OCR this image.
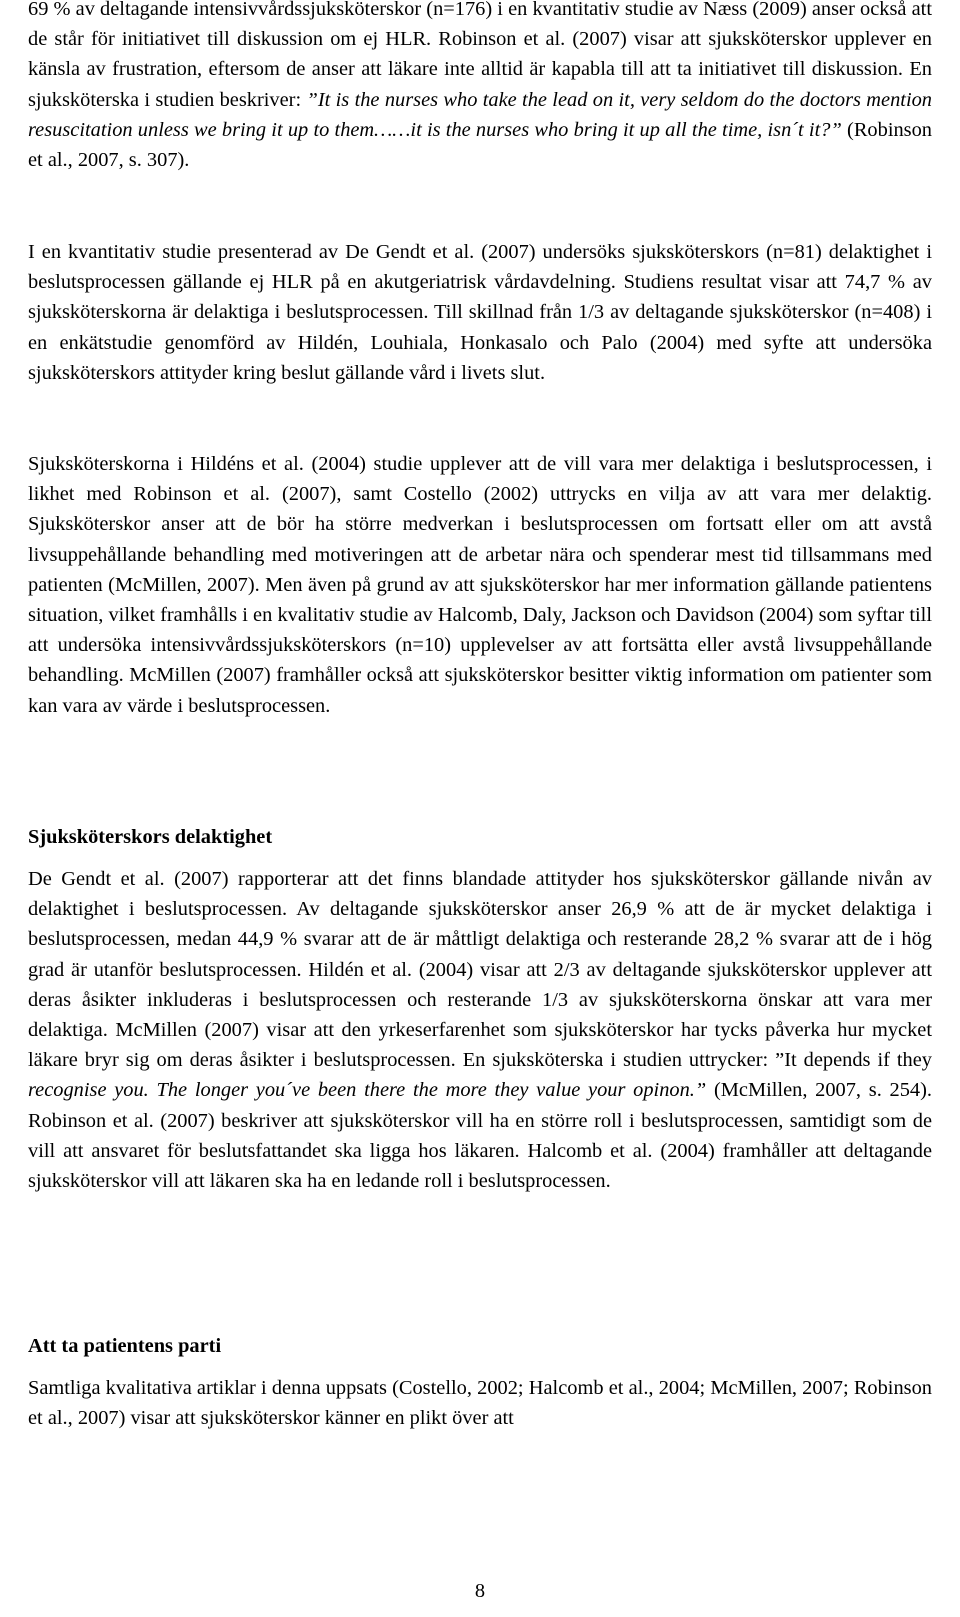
69 % av deltagande intensivvårdssjuksköterskor (n=176) i en kvantitativ studie av Næss (2009) anser också att de står för initiativet till diskussion om ej HLR. Robinson et al. (2007) visar att sjuksköterskor upplever en känsla av frustration, eftersom de anser att läkare inte alltid är kapabla till att ta initiativet till diskussion. En sjuksköterska i studien beskriver: ”It is the nurses who take the lead on it, very seldom do the doctors mention resuscitation unless we bring it up to them……it is the nurses who bring it up all the time, isn´t it?” (Robinson et al., 2007, s. 307).

I en kvantitativ studie presenterad av De Gendt et al. (2007) undersöks sjuksköterskors (n=81) delaktighet i beslutsprocessen gällande ej HLR på en akutgeriatrisk vårdavdelning. Studiens resultat visar att 74,7 % av sjuksköterskorna är delaktiga i beslutsprocessen. Till skillnad från 1/3 av deltagande sjuksköterskor (n=408) i en enkätstudie genomförd av Hildén, Louhiala, Honkasalo och Palo (2004) med syfte att undersöka sjuksköterskors attityder kring beslut gällande vård i livets slut.

Sjuksköterskorna i Hildéns et al. (2004) studie upplever att de vill vara mer delaktiga i beslutsprocessen, i likhet med Robinson et al. (2007), samt Costello (2002) uttrycks en vilja av att vara mer delaktig. Sjuksköterskor anser att de bör ha större medverkan i beslutsprocessen om fortsatt eller om att avstå livsuppehållande behandling med motiveringen att de arbetar nära och spenderar mest tid tillsammans med patienten (McMillen, 2007). Men även på grund av att sjuksköterskor har mer information gällande patientens situation, vilket framhålls i en kvalitativ studie av Halcomb, Daly, Jackson och Davidson (2004) som syftar till att undersöka intensivvårdssjuksköterskors (n=10) upplevelser av att fortsätta eller avstå livsuppehållande behandling. McMillen (2007) framhåller också att sjuksköterskor besitter viktig information om patienter som kan vara av värde i beslutsprocessen.

Sjuksköterskors delaktighet

De Gendt et al. (2007) rapporterar att det finns blandade attityder hos sjuksköterskor gällande nivån av delaktighet i beslutsprocessen. Av deltagande sjuksköterskor anser 26,9 % att de är mycket delaktiga i beslutsprocessen, medan 44,9 % svarar att de är måttligt delaktiga och resterande 28,2 % svarar att de i hög grad är utanför beslutsprocessen. Hildén et al. (2004) visar att 2/3 av deltagande sjuksköterskor upplever att deras åsikter inkluderas i beslutsprocessen och resterande 1/3 av sjuksköterskorna önskar att vara mer delaktiga. McMillen (2007) visar att den yrkeserfarenhet som sjuksköterskor har tycks påverka hur mycket läkare bryr sig om deras åsikter i beslutsprocessen. En sjuksköterska i studien uttrycker: ”It depends if they recognise you. The longer you´ve been there the more they value your opinon.” (McMillen, 2007, s. 254). Robinson et al. (2007) beskriver att sjuksköterskor vill ha en större roll i beslutsprocessen, samtidigt som de vill att ansvaret för beslutsfattandet ska ligga hos läkaren. Halcomb et al. (2004) framhåller att deltagande sjuksköterskor vill att läkaren ska ha en ledande roll i beslutsprocessen.

Att ta patientens parti

Samtliga kvalitativa artiklar i denna uppsats (Costello, 2002; Halcomb et al., 2004; McMillen, 2007; Robinson et al., 2007) visar att sjuksköterskor känner en plikt över att

8
